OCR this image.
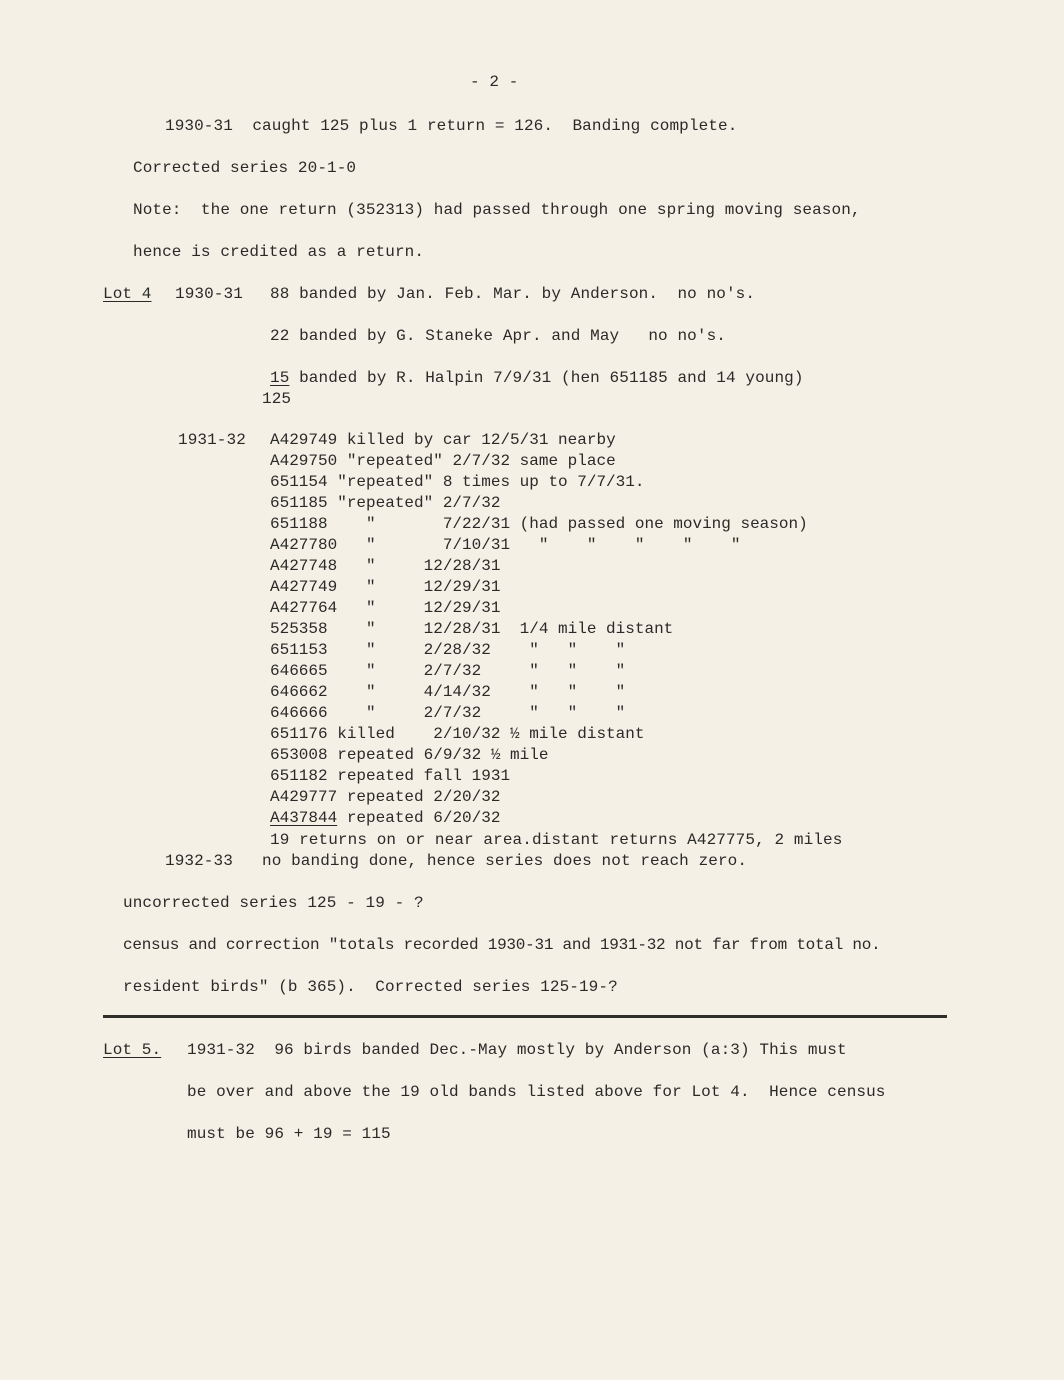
- 2 -
1930-31  caught 125 plus 1 return = 126.  Banding complete.
Corrected series 20-1-0
Note:  the one return (352313) had passed through one spring moving season,
hence is credited as a return.
Lot 4 1930-31 88 banded by Jan. Feb. Mar. by Anderson.  no no's.
22 banded by G. Staneke Apr. and May   no no's.
15 banded by R. Halpin 7/9/31 (hen 651185 and 14 young)
125
1931-32 A429749 killed by car 12/5/31 nearby
A429750 "repeated" 2/7/32 same place
651154 "repeated" 8 times up to 7/7/31.
651185 "repeated" 2/7/32
651188    "       7/22/31 (had passed one moving season)
A427780   "       7/10/31   "    "    "    "    "
A427748   "     12/28/31
A427749   "     12/29/31
A427764   "     12/29/31
525358    "     12/28/31  1/4 mile distant
651153    "     2/28/32    "   "    "
646665    "     2/7/32     "   "    "
646662    "     4/14/32    "   "    "
646666    "     2/7/32     "   "    "
651176 killed    2/10/32 ½ mile distant
653008 repeated 6/9/32 ½ mile
651182 repeated fall 1931
A429777 repeated 2/20/32
A437844 repeated 6/20/32
19 returns on or near area.distant returns A427775, 2 miles
1932-33 no banding done, hence series does not reach zero.
uncorrected series 125 - 19 - ?
census and correction "totals recorded 1930-31 and 1931-32 not far from total no.
resident birds" (b 365).  Corrected series 125-19-?
Lot 5. 1931-32  96 birds banded Dec.-May mostly by Anderson (a:3) This must
be over and above the 19 old bands listed above for Lot 4.  Hence census
must be 96 + 19 = 115
